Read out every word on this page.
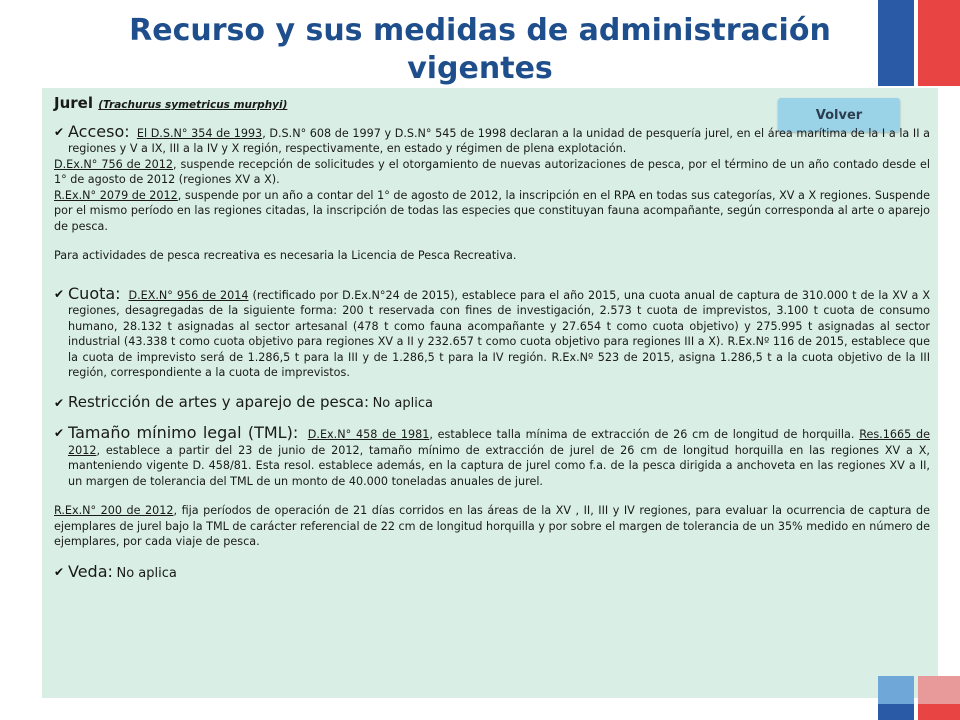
Recurso y sus medidas de administración vigentes
Volver

Jurel (Trachurus symetricus murphyi)

✔ Acceso: El D.S.N° 354 de 1993, D.S.N° 608 de 1997 y D.S.N° 545 de 1998 declaran a la unidad de pesquería jurel, en el área marítima de la I a la II a regiones y V a IX, III a la IV y X región, respectivamente, en estado y régimen de plena explotación.

D.Ex.N° 756 de 2012, suspende recepción de solicitudes y el otorgamiento de nuevas autorizaciones de pesca, por el término de un año contado desde el 1° de agosto de 2012 (regiones XV a X).

R.Ex.N° 2079 de 2012, suspende por un año a contar del 1° de agosto de 2012, la inscripción en el RPA en todas sus categorías, XV a X regiones. Suspende por el mismo período en las regiones citadas, la inscripción de todas las especies que constituyan fauna acompañante, según corresponda al arte o aparejo de pesca.

Para actividades de pesca recreativa es necesaria la Licencia de Pesca Recreativa.

✔ Cuota: D.EX.N° 956 de 2014 (rectificado por D.Ex.N°24 de 2015), establece para el año 2015, una cuota anual de captura de 310.000 t de la XV a X regiones, desagregadas de la siguiente forma: 200 t reservada con fines de investigación, 2.573 t cuota de imprevistos, 3.100 t cuota de consumo humano, 28.132 t asignadas al sector artesanal (478 t como fauna acompañante y 27.654 t como cuota objetivo) y 275.995 t asignadas al sector industrial (43.338 t como cuota objetivo para regiones XV a II y 232.657 t como cuota objetivo para regiones III a X). R.Ex.Nº 116 de 2015, establece que la cuota de imprevisto será de 1.286,5 t para la III y de 1.286,5 t para la IV región. R.Ex.Nº 523 de 2015, asigna 1.286,5 t a la cuota objetivo de la III región, correspondiente a la cuota de imprevistos.
✔ Restricción de artes y aparejo de pesca: No aplica
✔ Tamaño mínimo legal (TML): D.Ex.N° 458 de 1981, establece talla mínima de extracción de 26 cm de longitud de horquilla. Res.1665 de 2012, establece a partir del 23 de junio de 2012, tamaño mínimo de extracción de jurel de 26 cm de longitud horquilla en las regiones XV a X, manteniendo vigente D. 458/81. Esta resol. establece además, en la captura de jurel como f.a. de la pesca dirigida a anchoveta en las regiones XV a II, un margen de tolerancia del TML de un monto de 40.000 toneladas anuales de jurel.

R.Ex.N° 200 de 2012, fija períodos de operación de 21 días corridos en las áreas de la XV , II, III y IV regiones, para evaluar la ocurrencia de captura de ejemplares de jurel bajo la TML de carácter referencial de 22 cm de longitud horquilla y por sobre el margen de tolerancia de un 35% medido en número de ejemplares, por cada viaje de pesca.

✔ Veda: No aplica
